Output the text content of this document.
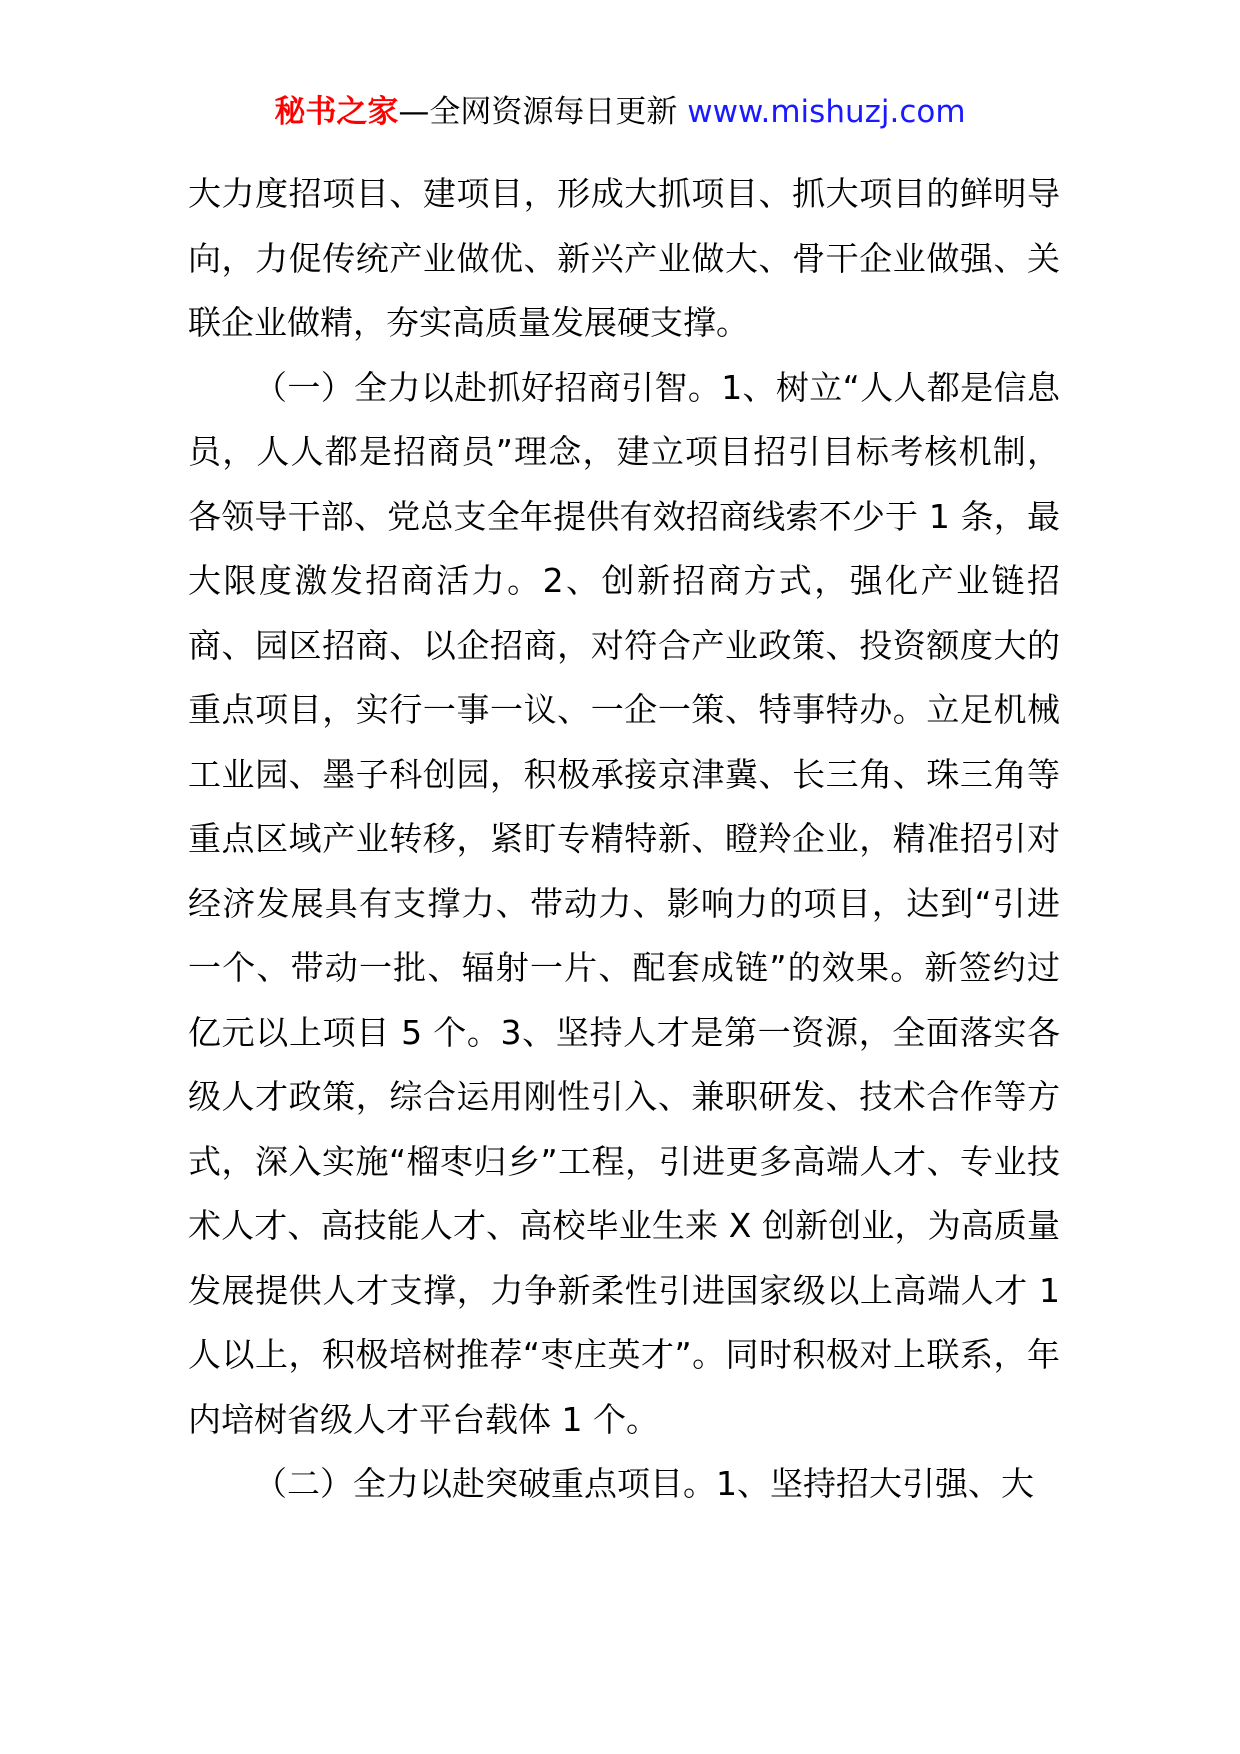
秘书之家—全网资源每日更新 www.mishuzj.com

大力度招项目、建项目，形成大抓项目、抓大项目的鲜明导向，力促传统产业做优、新兴产业做大、骨干企业做强、关联企业做精，夯实高质量发展硬支撑。

（一）全力以赴抓好招商引智。1、树立“人人都是信息员，人人都是招商员”理念，建立项目招引目标考核机制，各领导干部、党总支全年提供有效招商线索不少于 1 条，最大限度激发招商活力。2、创新招商方式，强化产业链招商、园区招商、以企招商，对符合产业政策、投资额度大的重点项目，实行一事一议、一企一策、特事特办。立足机械工业园、墨子科创园，积极承接京津冀、长三角、珠三角等重点区域产业转移，紧盯专精特新、瞪羚企业，精准招引对经济发展具有支撑力、带动力、影响力的项目，达到“引进一个、带动一批、辐射一片、配套成链”的效果。新签约过亿元以上项目 5 个。3、坚持人才是第一资源，全面落实各级人才政策，综合运用刚性引入、兼职研发、技术合作等方式，深入实施“榴枣归乡”工程，引进更多高端人才、专业技术人才、高技能人才、高校毕业生来 X 创新创业，为高质量发展提供人才支撑，力争新柔性引进国家级以上高端人才 1 人以上，积极培树推荐“枣庄英才”。同时积极对上联系，年内培树省级人才平台载体 1 个。

（二）全力以赴突破重点项目。1、坚持招大引强、大
